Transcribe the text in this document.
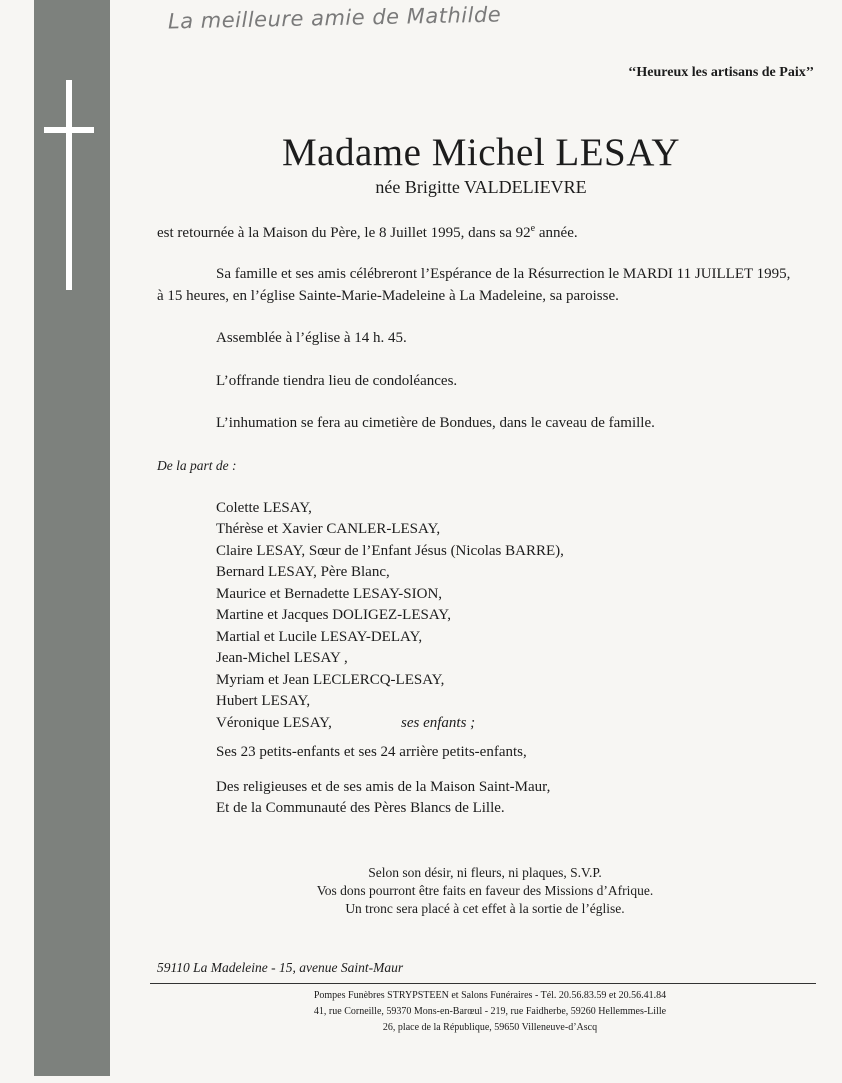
La meilleure amie de Mathilde
‘‘Heureux les artisans de Paix’’
Madame Michel LESAY
née Brigitte VALDELIEVRE
est retournée à la Maison du Père, le 8 Juillet 1995, dans sa 92e année.
Sa famille et ses amis célébreront l’Espérance de la Résurrection le MARDI 11 JUILLET 1995,
à 15 heures, en l’église Sainte-Marie-Madeleine à La Madeleine, sa paroisse.
Assemblée à l’église à 14 h. 45.
L’offrande tiendra lieu de condoléances.
L’inhumation se fera au cimetière de Bondues, dans le caveau de famille.
De la part de :
Colette LESAY,
Thérèse et Xavier CANLER-LESAY,
Claire LESAY, Sœur de l’Enfant Jésus (Nicolas BARRE),
Bernard LESAY, Père Blanc,
Maurice et Bernadette LESAY-SION,
Martine et Jacques DOLIGEZ-LESAY,
Martial et Lucile LESAY-DELAY,
Jean-Michel LESAY ,
Myriam et Jean LECLERCQ-LESAY,
Hubert LESAY,
Véronique LESAY,	ses enfants ;
Ses 23 petits-enfants et ses 24 arrière petits-enfants,
Des religieuses et de ses amis de la Maison Saint-Maur,
Et de la Communauté des Pères Blancs de Lille.
Selon son désir, ni fleurs, ni plaques, S.V.P.
Vos dons pourront être faits en faveur des Missions d’Afrique.
Un tronc sera placé à cet effet à la sortie de l’église.
59110 La Madeleine - 15, avenue Saint-Maur
Pompes Funèbres STRYPSTEEN et Salons Funéraires - Tél. 20.56.83.59 et 20.56.41.84
41, rue Corneille, 59370 Mons-en-Barœul - 219, rue Faidherbe, 59260 Hellemmes-Lille
26, place de la République, 59650 Villeneuve-d’Ascq
